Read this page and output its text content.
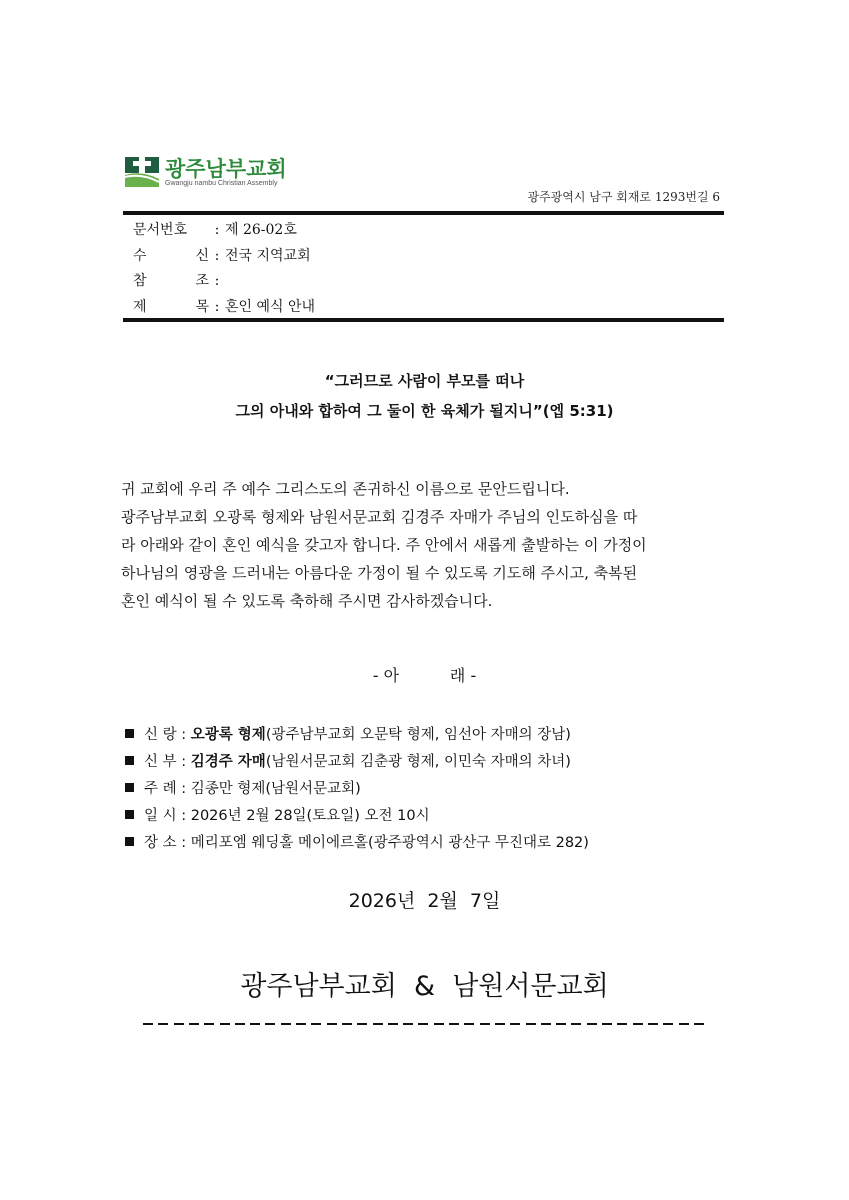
광주남부교회
Gwangju nambu Christian Assembly
광주광역시 남구 회재로 1293번길 6
문서번호 : 제 26-02호
수 신 : 전국 지역교회
참 조 :
제 목 : 혼인 예식 안내
“그러므로 사람이 부모를 떠나
그의 아내와 합하여 그 둘이 한 육체가 될지니”(엡 5:31)
귀 교회에 우리 주 예수 그리스도의 존귀하신 이름으로 문안드립니다.
광주남부교회 오광록 형제와 남원서문교회 김경주 자매가 주님의 인도하심을 따
라 아래와 같이 혼인 예식을 갖고자 합니다. 주 안에서 새롭게 출발하는 이 가정이
하나님의 영광을 드러내는 아름다운 가정이 될 수 있도록 기도해 주시고, 축복된
혼인 예식이 될 수 있도록 축하해 주시면 감사하겠습니다.
- 아          래 -
신 랑 : 오광록 형제(광주남부교회 오문탁 형제, 임선아 자매의 장남)
신 부 : 김경주 자매(남원서문교회 김춘광 형제, 이민숙 자매의 차녀)
주 례 : 김종만 형제(남원서문교회)
일 시 : 2026년 2월 28일(토요일) 오전 10시
장 소 : 메리포엠 웨딩홀 메이에르홀(광주광역시 광산구 무진대로 282)
2026년  2월  7일
광주남부교회  &  남원서문교회
